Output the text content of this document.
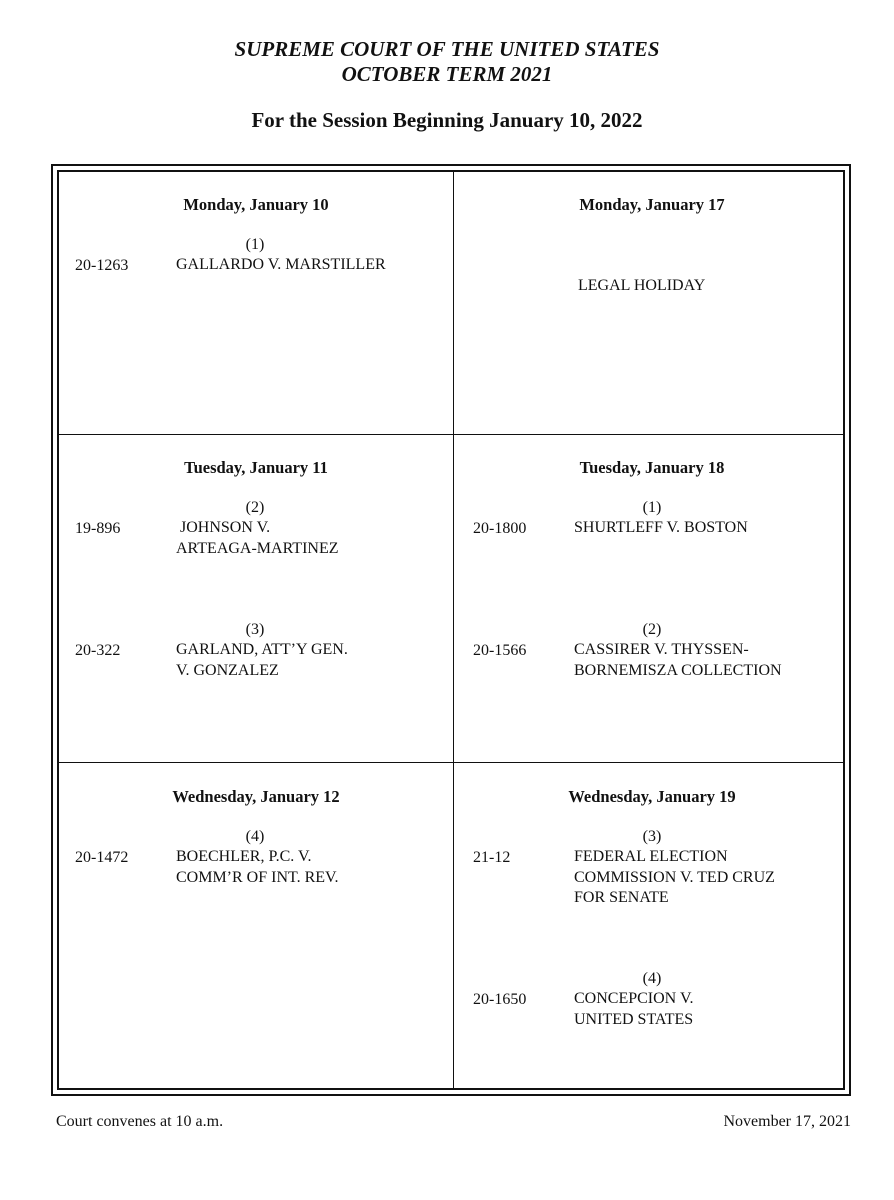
SUPREME COURT OF THE UNITED STATES
OCTOBER TERM 2021
For the Session Beginning January 10, 2022
Monday, January 10
(1)
20-1263	GALLARDO V. MARSTILLER
Monday, January 17
LEGAL HOLIDAY
Tuesday, January 11
(2)
19-896	JOHNSON V.
ARTEAGA-MARTINEZ
(3)
20-322	GARLAND, ATT’Y GEN.
V. GONZALEZ
Tuesday, January 18
(1)
20-1800	SHURTLEFF V. BOSTON
(2)
20-1566	CASSIRER V. THYSSEN-
BORNEMISZA COLLECTION
Wednesday, January 12
(4)
20-1472	BOECHLER, P.C. V.
COMM’R OF INT. REV.
Wednesday, January 19
(3)
21-12	FEDERAL ELECTION
COMMISSION V. TED CRUZ
FOR SENATE
(4)
20-1650	CONCEPCION V.
UNITED STATES
Court convenes at 10 a.m.	November 17, 2021
